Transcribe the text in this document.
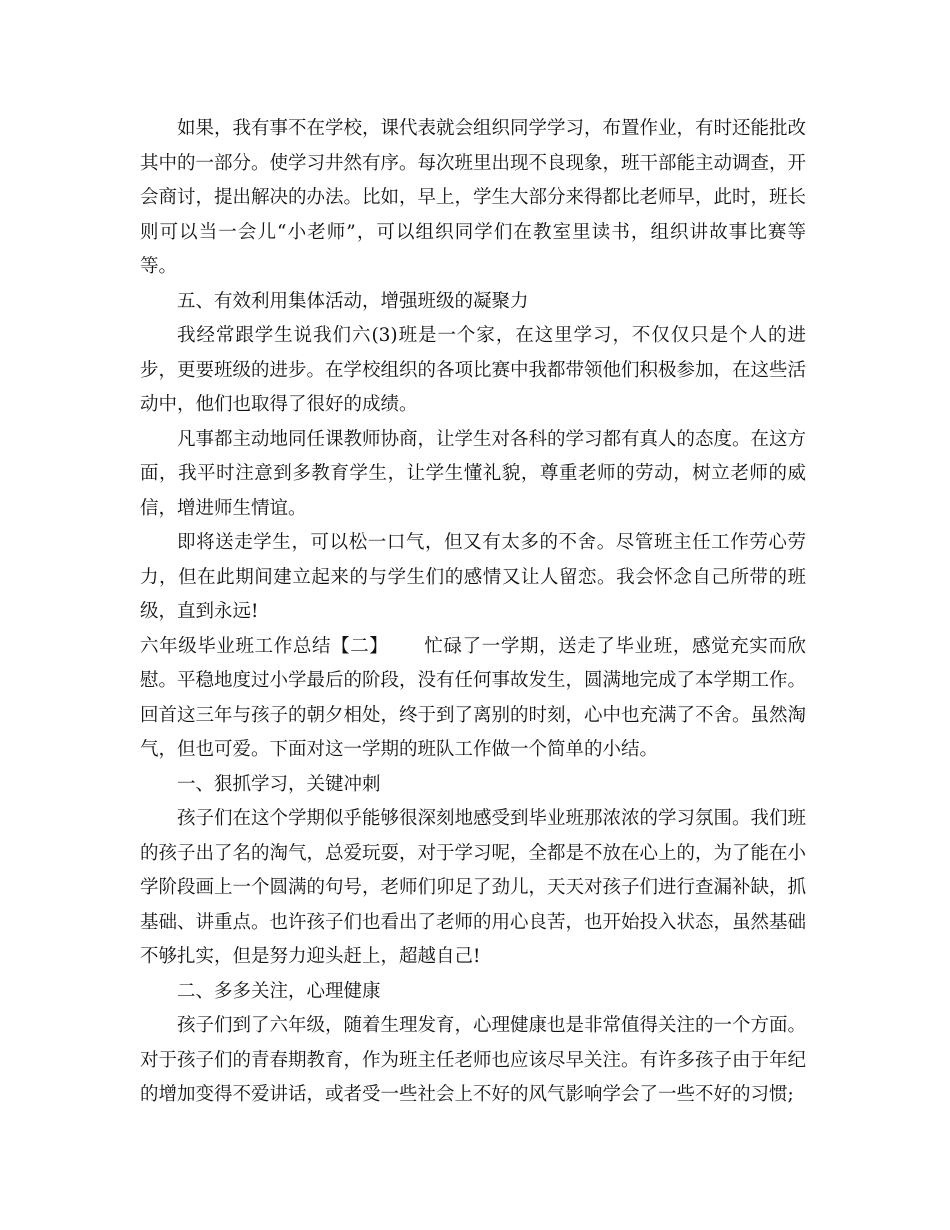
如果，我有事不在学校，课代表就会组织同学学习，布置作业，有时还能批改其中的一部分。使学习井然有序。每次班里出现不良现象，班干部能主动调查，开会商讨，提出解决的办法。比如，早上，学生大部分来得都比老师早，此时，班长则可以当一会儿“小老师”，可以组织同学们在教室里读书，组织讲故事比赛等等。

五、有效利用集体活动，增强班级的凝聚力

我经常跟学生说我们六(3)班是一个家，在这里学习，不仅仅只是个人的进步，更要班级的进步。在学校组织的各项比赛中我都带领他们积极参加，在这些活动中，他们也取得了很好的成绩。

凡事都主动地同任课教师协商，让学生对各科的学习都有真人的态度。在这方面，我平时注意到多教育学生，让学生懂礼貌，尊重老师的劳动，树立老师的威信，增进师生情谊。

即将送走学生，可以松一口气，但又有太多的不舍。尽管班主任工作劳心劳力，但在此期间建立起来的与学生们的感情又让人留恋。我会怀念自己所带的班级，直到永远!

六年级毕业班工作总结【二】 忙碌了一学期，送走了毕业班，感觉充实而欣慰。平稳地度过小学最后的阶段，没有任何事故发生，圆满地完成了本学期工作。回首这三年与孩子的朝夕相处，终于到了离别的时刻，心中也充满了不舍。虽然淘气，但也可爱。下面对这一学期的班队工作做一个简单的小结。

一、狠抓学习，关键冲刺

孩子们在这个学期似乎能够很深刻地感受到毕业班那浓浓的学习氛围。我们班的孩子出了名的淘气，总爱玩耍，对于学习呢，全都是不放在心上的，为了能在小学阶段画上一个圆满的句号，老师们卯足了劲儿，天天对孩子们进行查漏补缺，抓基础、讲重点。也许孩子们也看出了老师的用心良苦，也开始投入状态，虽然基础不够扎实，但是努力迎头赶上，超越自己!

二、多多关注，心理健康

孩子们到了六年级，随着生理发育，心理健康也是非常值得关注的一个方面。对于孩子们的青春期教育，作为班主任老师也应该尽早关注。有许多孩子由于年纪的增加变得不爱讲话，或者受一些社会上不好的风气影响学会了一些不好的习惯;
